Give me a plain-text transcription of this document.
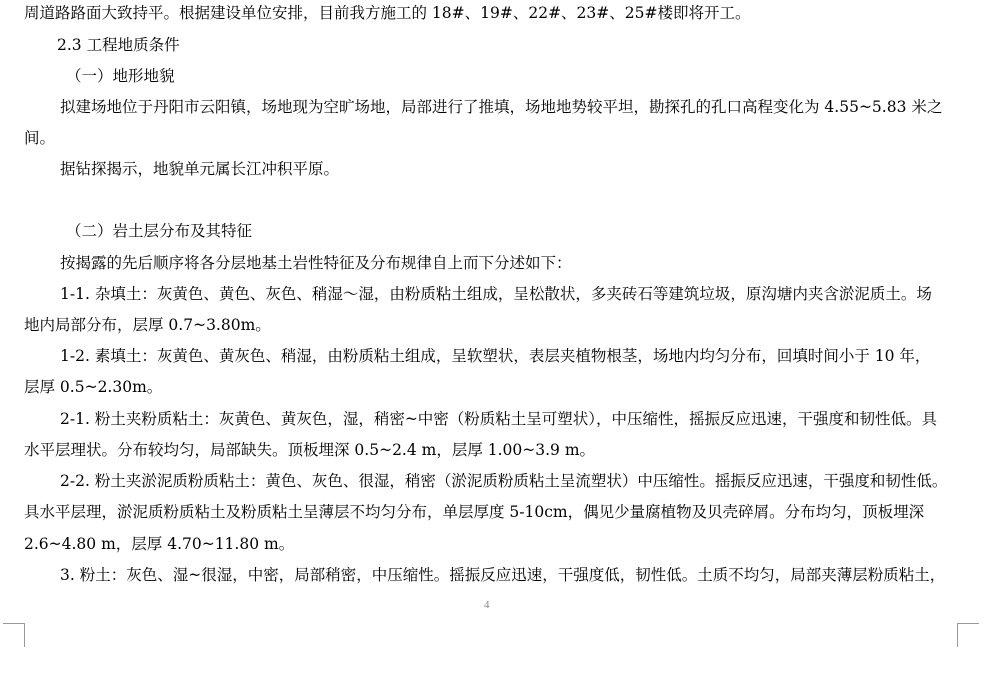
周道路路面大致持平。根据建设单位安排，目前我方施工的 18#、19#、22#、23#、25#楼即将开工。
2.3 工程地质条件
（一）地形地貌
拟建场地位于丹阳市云阳镇，场地现为空旷场地，局部进行了推填，场地地势较平坦，勘探孔的孔口高程变化为 4.55~5.83 米之
间。
据钻探揭示，地貌单元属长江冲积平原。
（二）岩土层分布及其特征
按揭露的先后顺序将各分层地基土岩性特征及分布规律自上而下分述如下：
1-1. 杂填土：灰黄色、黄色、灰色、稍湿～湿，由粉质粘土组成，呈松散状，多夹砖石等建筑垃圾，原沟塘内夹含淤泥质土。场
地内局部分布，层厚 0.7~3.80m。
1-2. 素填土：灰黄色、黄灰色、稍湿，由粉质粘土组成，呈软塑状，表层夹植物根茎，场地内均匀分布，回填时间小于 10 年，
层厚 0.5~2.30m。
2-1. 粉土夹粉质粘土：灰黄色、黄灰色，湿，稍密~中密（粉质粘土呈可塑状），中压缩性，摇振反应迅速，干强度和韧性低。具
水平层理状。分布较均匀，局部缺失。顶板埋深 0.5~2.4 m，层厚 1.00~3.9 m。
2-2. 粉土夹淤泥质粉质粘土：黄色、灰色、很湿，稍密（淤泥质粉质粘土呈流塑状）中压缩性。摇振反应迅速，干强度和韧性低。
具水平层理，淤泥质粉质粘土及粉质粘土呈薄层不均匀分布，单层厚度 5-10cm，偶见少量腐植物及贝壳碎屑。分布均匀，顶板埋深
2.6~4.80 m，层厚 4.70~11.80 m。
3. 粉土：灰色、湿~很湿，中密，局部稍密，中压缩性。摇振反应迅速，干强度低，韧性低。土质不均匀，局部夹薄层粉质粘土，
4
